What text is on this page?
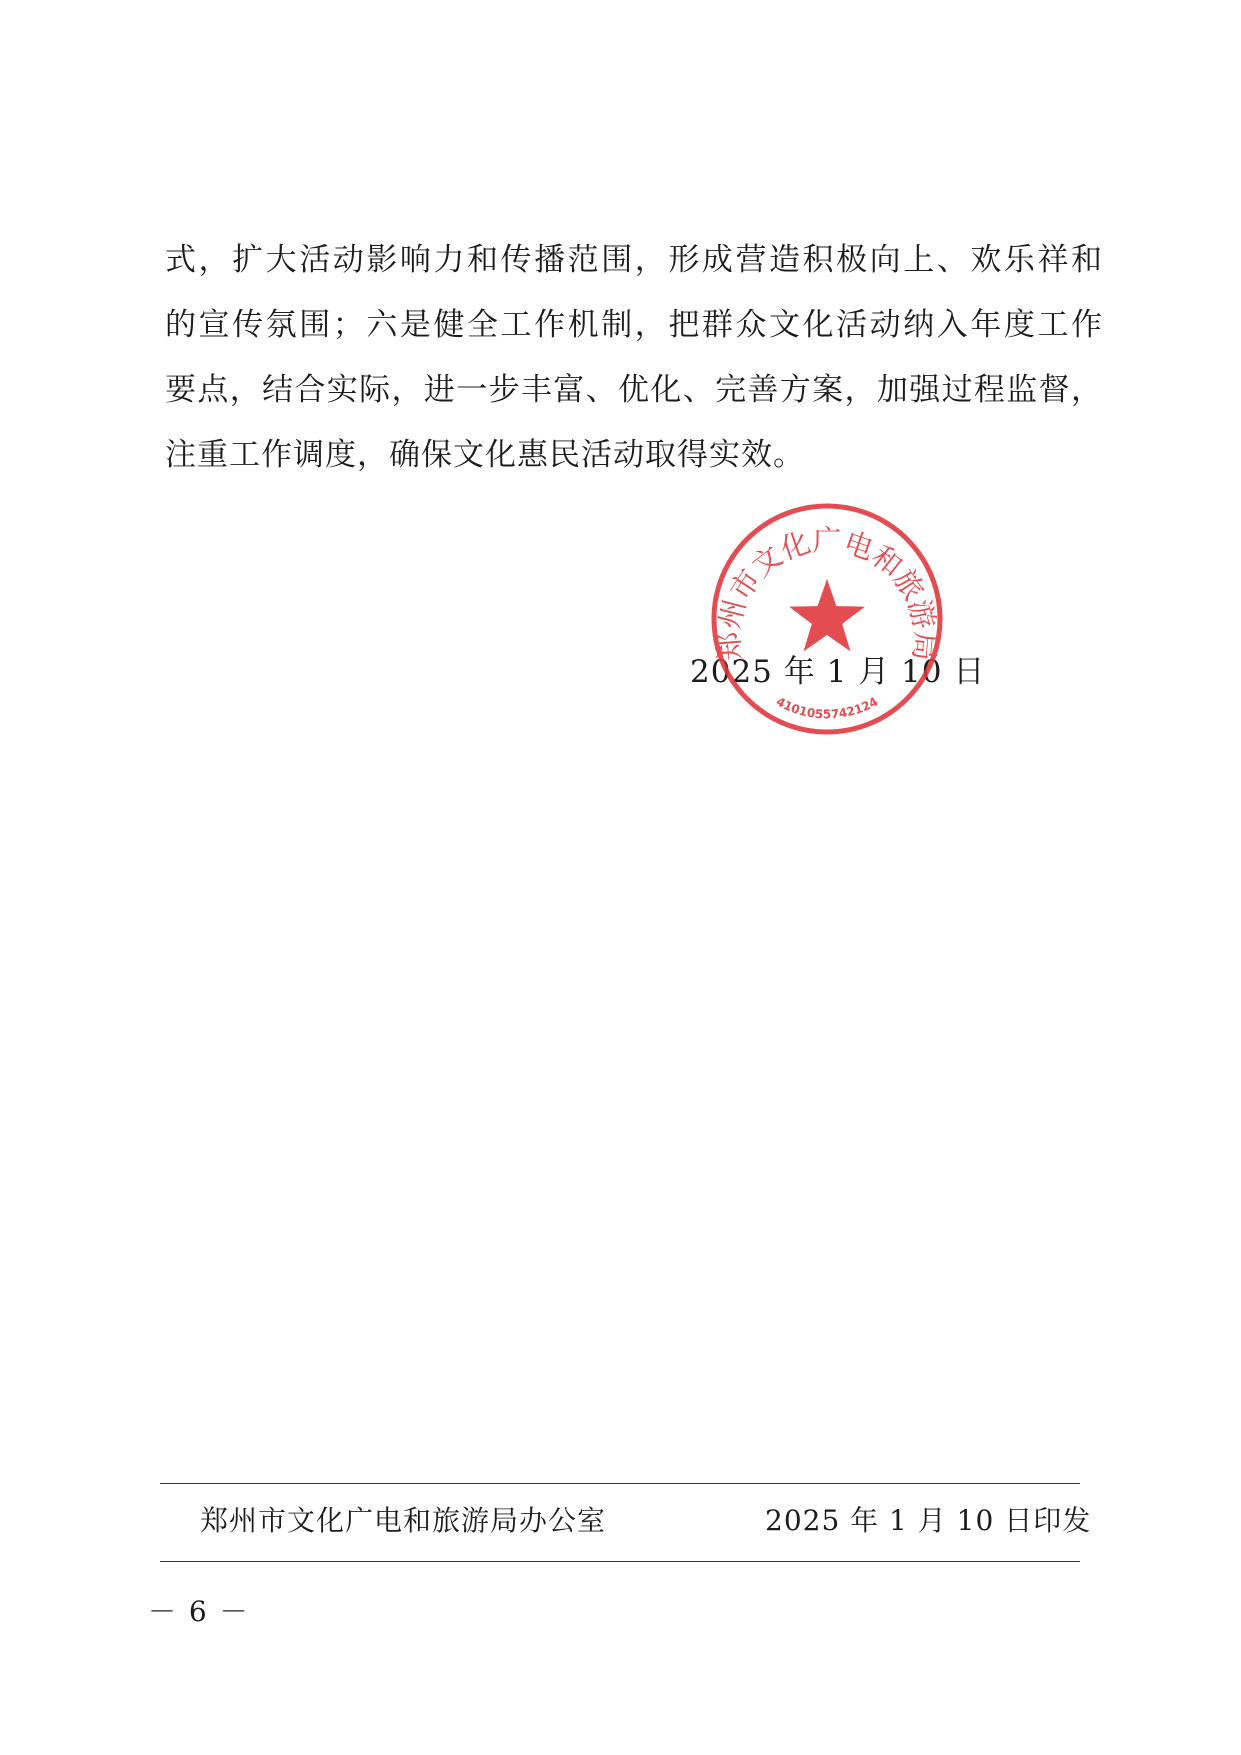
式，扩大活动影响力和传播范围，形成营造积极向上、欢乐祥和
的宣传氛围；六是健全工作机制，把群众文化活动纳入年度工作
要点，结合实际，进一步丰富、优化、完善方案，加强过程监督，
注重工作调度，确保文化惠民活动取得实效。
2025 年 1 月 10 日
郑州市文化广电和旅游局
4101055742124
郑州市文化广电和旅游局办公室	2025 年 1 月 10 日印发
－ 6 －
